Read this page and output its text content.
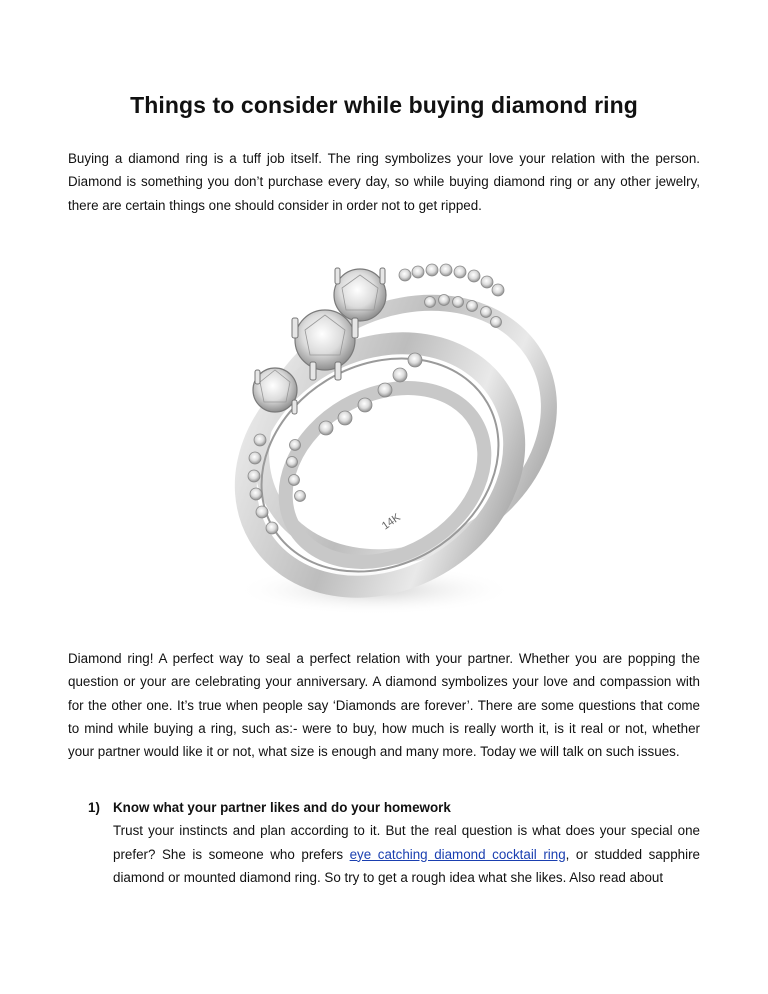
Things to consider while buying diamond ring

Buying a diamond ring is a tuff job itself. The ring symbolizes your love your relation with the person. Diamond is something you don’t purchase every day, so while buying diamond ring or any other jewelry, there are certain things one should consider in order not to get ripped.

14K

Diamond ring! A perfect way to seal a perfect relation with your partner. Whether you are popping the question or your are celebrating your anniversary. A diamond symbolizes your love and compassion with for the other one. It’s true when people say ‘Diamonds are forever’. There are some questions that come to mind while buying a ring, such as:- were to buy, how much is really worth it, is it real or not, whether your partner would like it or not, what size is enough and many more. Today we will talk on such issues.

1) Know what your partner likes and do your homework

Trust your instincts and plan according to it. But the real question is what does your special one prefer? She is someone who prefers eye catching diamond cocktail ring, or studded sapphire diamond or mounted diamond ring. So try to get a rough idea what she likes. Also read about
